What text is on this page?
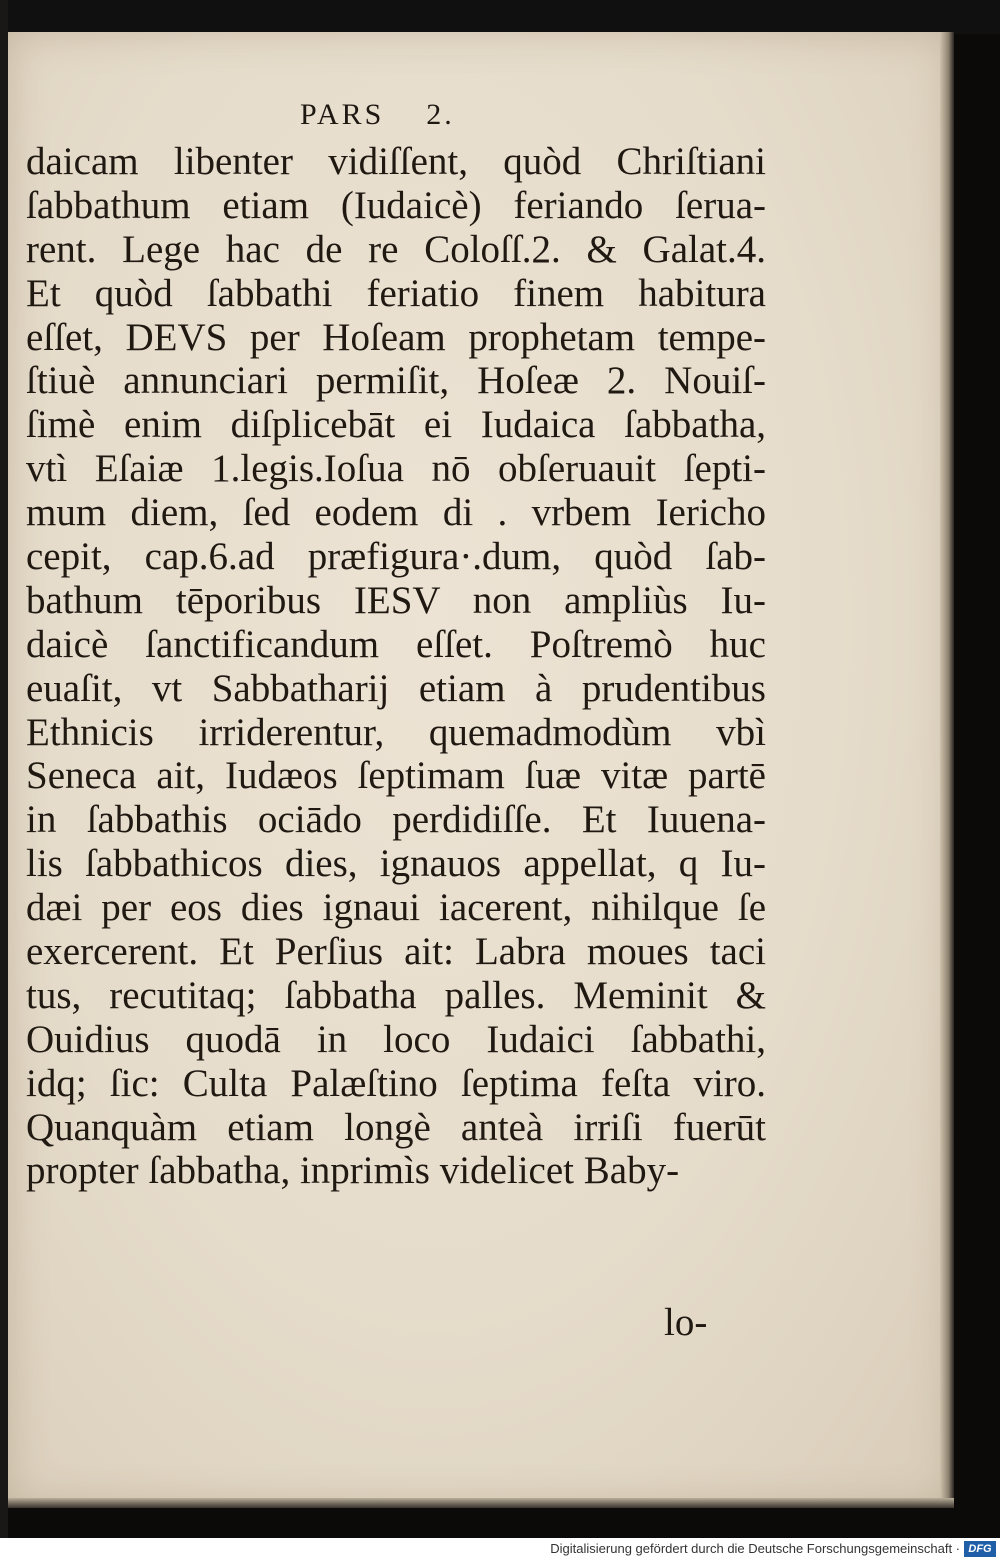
PARS    2.
daicam libenter vidiſſent, quòd Chriſtiani
ſabbathum etiam (Iudaicè) feriando ſerua-
rent. Lege hac de re Coloſſ.2. & Galat.4.
Et quòd ſabbathi feriatio finem habitura
eſſet, DEVS per Hoſeam prophetam tempe-
ſtiuè annunciari permiſit, Hoſeæ 2. Nouiſ-
ſimè enim diſplicebāt ei Iudaica ſabbatha,
vtì Eſaiæ 1.legis.Ioſua nō obſeruauit ſepti-
mum diem, ſed eodem di . vrbem Iericho
cepit, cap.6.ad præfigura·.dum, quòd ſab-
bathum tēporibus IESV non ampliùs Iu-
daicè ſanctificandum eſſet. Poſtremò huc
euaſit, vt Sabbatharij etiam à prudentibus
Ethnicis irriderentur, quemadmodùm vbì
Seneca ait, Iudæos ſeptimam ſuæ vitæ partē
in ſabbathis ociādo perdidiſſe. Et Iuuena-
lis ſabbathicos dies, ignauos appellat, q Iu-
dæi per eos dies ignaui iacerent, nihilque ſe
exercerent. Et Perſius ait: Labra moues taci
tus, recutitaq; ſabbatha palles. Meminit &
Ouidius quodā in loco Iudaici ſabbathi,
idq; ſic: Culta Palæſtino ſeptima feſta viro.
Quanquàm etiam longè anteà irriſi fuerūt
propter ſabbatha, inprimìs videlicet Baby-
lo-
Digitalisierung gefördert durch die Deutsche Forschungsgemeinschaft · DFG
